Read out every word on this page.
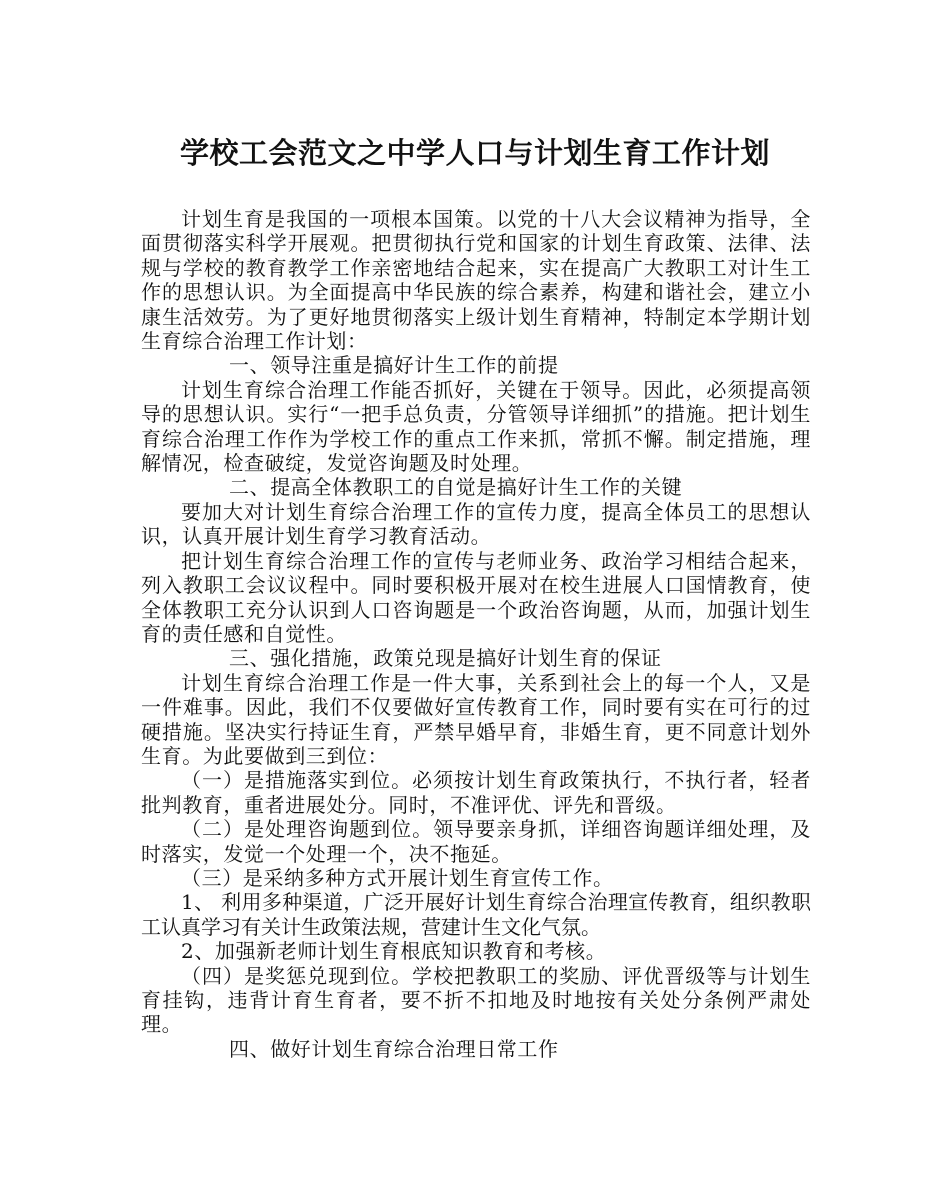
学校工会范文之中学人口与计划生育工作计划

计划生育是我国的一项根本国策。以党的十八大会议精神为指导，全面贯彻落实科学开展观。把贯彻执行党和国家的计划生育政策、法律、法规与学校的教育教学工作亲密地结合起来，实在提高广大教职工对计生工作的思想认识。为全面提高中华民族的综合素养，构建和谐社会，建立小康生活效劳。为了更好地贯彻落实上级计划生育精神，特制定本学期计划生育综合治理工作计划：

一、领导注重是搞好计生工作的前提

计划生育综合治理工作能否抓好，关键在于领导。因此，必须提高领导的思想认识。实行“一把手总负责，分管领导详细抓”的措施。把计划生育综合治理工作作为学校工作的重点工作来抓，常抓不懈。制定措施，理解情况，检查破绽，发觉咨询题及时处理。

二、提高全体教职工的自觉是搞好计生工作的关键

要加大对计划生育综合治理工作的宣传力度，提高全体员工的思想认识，认真开展计划生育学习教育活动。

把计划生育综合治理工作的宣传与老师业务、政治学习相结合起来，列入教职工会议议程中。同时要积极开展对在校生进展人口国情教育，使全体教职工充分认识到人口咨询题是一个政治咨询题，从而，加强计划生育的责任感和自觉性。

三、强化措施，政策兑现是搞好计划生育的保证

计划生育综合治理工作是一件大事，关系到社会上的每一个人，又是一件难事。因此，我们不仅要做好宣传教育工作，同时要有实在可行的过硬措施。坚决实行持证生育，严禁早婚早育，非婚生育，更不同意计划外生育。为此要做到三到位：

（一）是措施落实到位。必须按计划生育政策执行，不执行者，轻者批判教育，重者进展处分。同时，不准评优、评先和晋级。

（二）是处理咨询题到位。领导要亲身抓，详细咨询题详细处理，及时落实，发觉一个处理一个，决不拖延。

（三）是采纳多种方式开展计划生育宣传工作。

1、 利用多种渠道，广泛开展好计划生育综合治理宣传教育，组织教职工认真学习有关计生政策法规，营建计生文化气氛。

2、加强新老师计划生育根底知识教育和考核。

（四）是奖惩兑现到位。学校把教职工的奖励、评优晋级等与计划生育挂钩，违背计育生育者，要不折不扣地及时地按有关处分条例严肃处理。

四、做好计划生育综合治理日常工作
